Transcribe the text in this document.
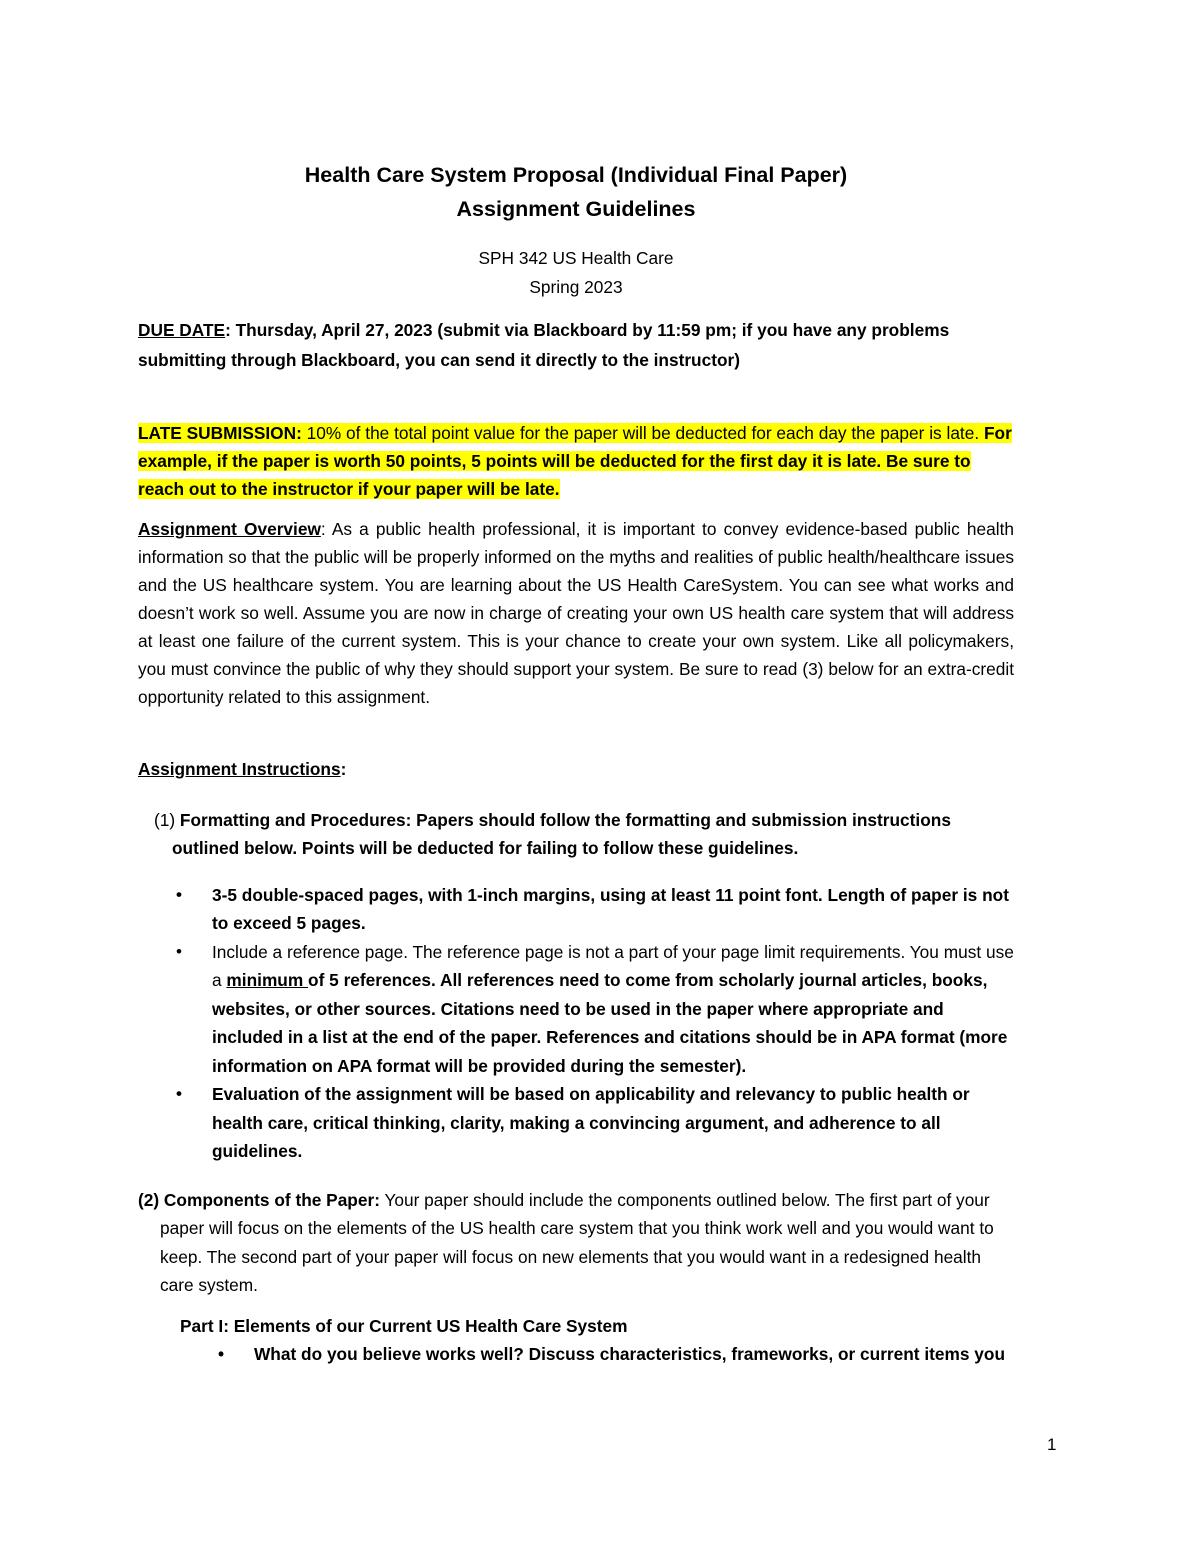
Health Care System Proposal (Individual Final Paper)
Assignment Guidelines
SPH 342 US Health Care
Spring 2023
DUE DATE: Thursday, April 27, 2023 (submit via Blackboard by 11:59 pm; if you have any problems submitting through Blackboard, you can send it directly to the instructor)
LATE SUBMISSION: 10% of the total point value for the paper will be deducted for each day the paper is late. For example, if the paper is worth 50 points, 5 points will be deducted for the first day it is late. Be sure to reach out to the instructor if your paper will be late.
Assignment Overview: As a public health professional, it is important to convey evidence-based public health information so that the public will be properly informed on the myths and realities of public health/healthcare issues and the US healthcare system. You are learning about the US Health CareSystem. You can see what works and doesn’t work so well. Assume you are now in charge of creating your own US health care system that will address at least one failure of the current system. This is your chance to create your own system. Like all policymakers, you must convince the public of why they should support your system. Be sure to read (3) below for an extra-credit opportunity related to this assignment.
Assignment Instructions:
(1) Formatting and Procedures: Papers should follow the formatting and submission instructions outlined below. Points will be deducted for failing to follow these guidelines.
• 3-5 double-spaced pages, with 1-inch margins, using at least 11 point font. Length of paper is not to exceed 5 pages.
• Include a reference page. The reference page is not a part of your page limit requirements. You must use a minimum of 5 references. All references need to come from scholarly journal articles, books, websites, or other sources. Citations need to be used in the paper where appropriate and included in a list at the end of the paper. References and citations should be in APA format (more information on APA format will be provided during the semester).
• Evaluation of the assignment will be based on applicability and relevancy to public health or health care, critical thinking, clarity, making a convincing argument, and adherence to all guidelines.
(2) Components of the Paper: Your paper should include the components outlined below. The first part of your paper will focus on the elements of the US health care system that you think work well and you would want to keep. The second part of your paper will focus on new elements that you would want in a redesigned health care system.
Part I: Elements of our Current US Health Care System
• What do you believe works well? Discuss characteristics, frameworks, or current items you
1
